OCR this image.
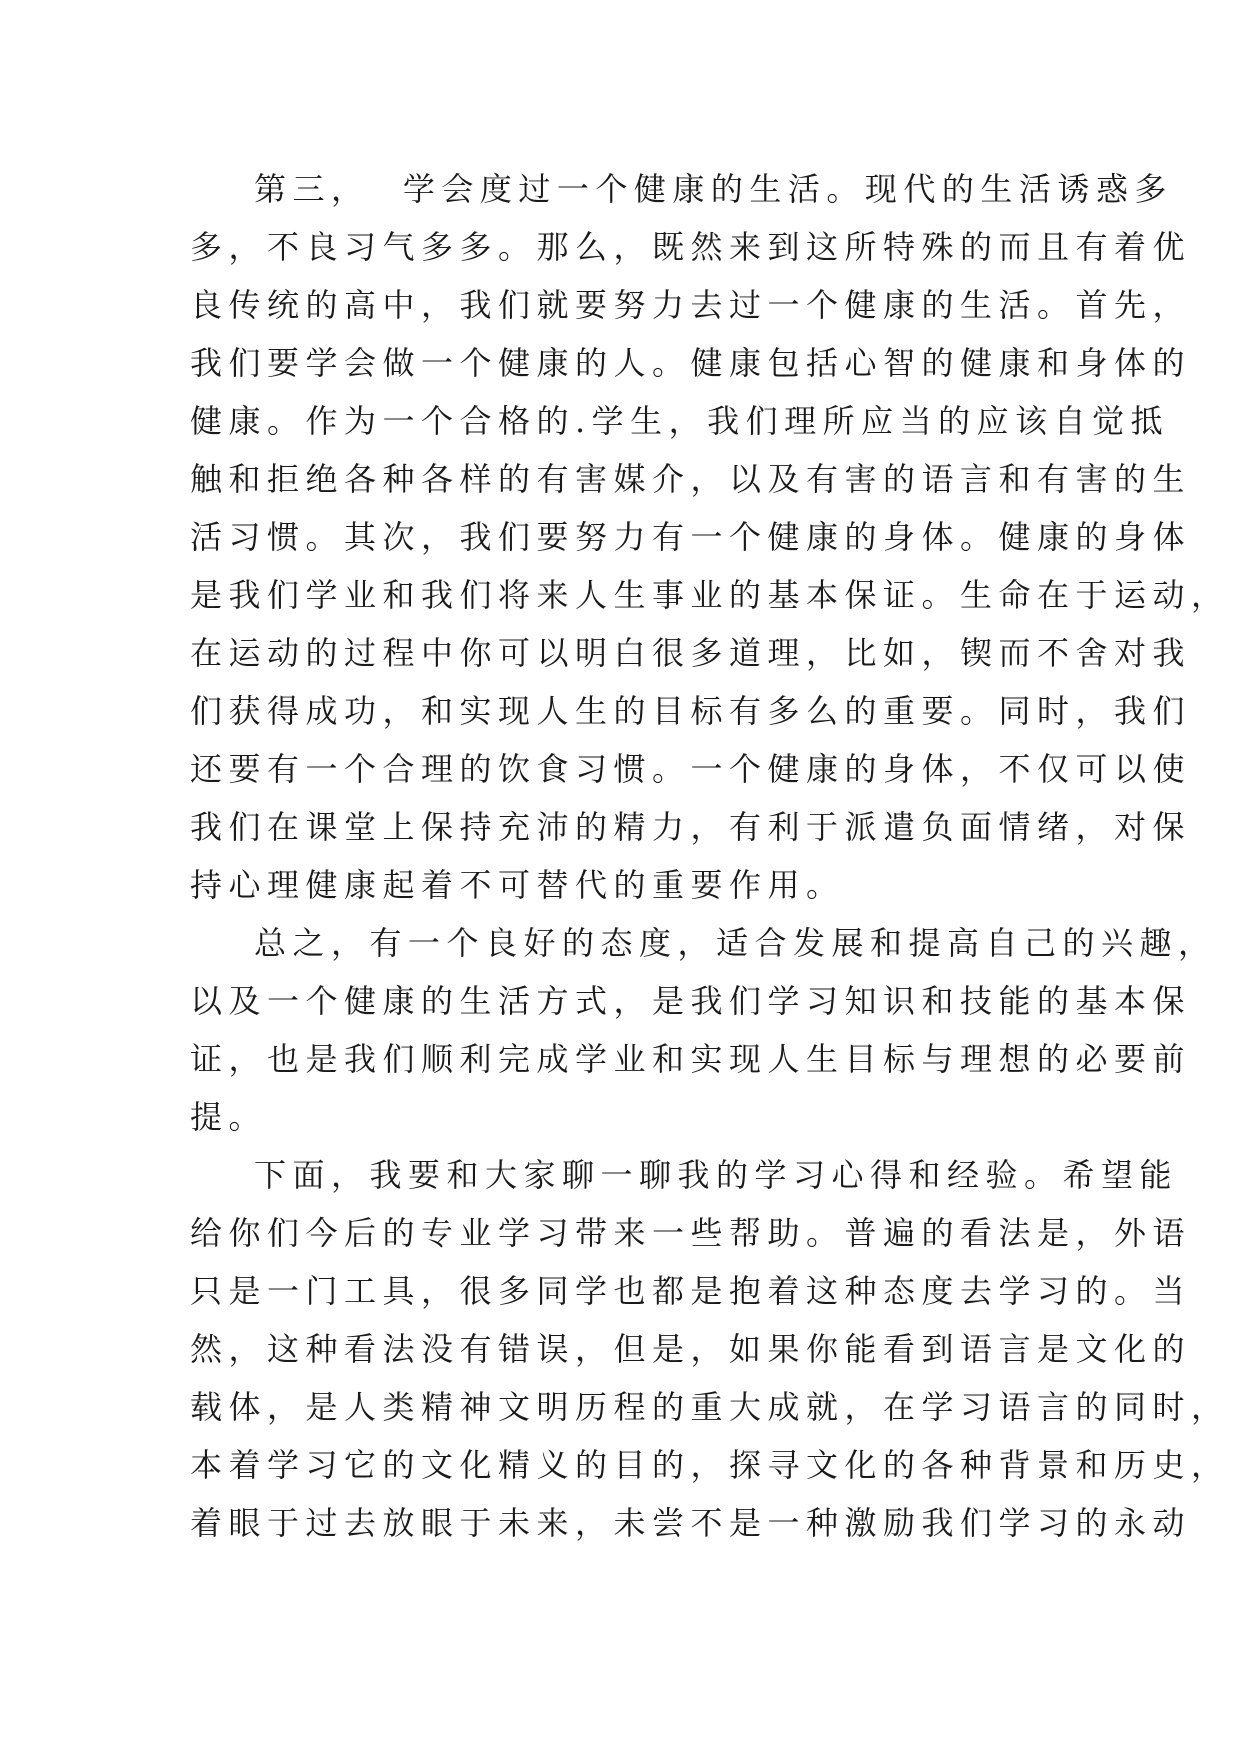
第三，  学会度过一个健康的生活。现代的生活诱惑多
多，不良习气多多。那么，既然来到这所特殊的而且有着优
良传统的高中，我们就要努力去过一个健康的生活。首先，
我们要学会做一个健康的人。健康包括心智的健康和身体的
健康。作为一个合格的.学生，我们理所应当的应该自觉抵
触和拒绝各种各样的有害媒介，以及有害的语言和有害的生
活习惯。其次，我们要努力有一个健康的身体。健康的身体
是我们学业和我们将来人生事业的基本保证。生命在于运动，
在运动的过程中你可以明白很多道理，比如，锲而不舍对我
们获得成功，和实现人生的目标有多么的重要。同时，我们
还要有一个合理的饮食习惯。一个健康的身体，不仅可以使
我们在课堂上保持充沛的精力，有利于派遣负面情绪，对保
持心理健康起着不可替代的重要作用。
总之，有一个良好的态度，适合发展和提高自己的兴趣，
以及一个健康的生活方式，是我们学习知识和技能的基本保
证，也是我们顺利完成学业和实现人生目标与理想的必要前
提。
下面，我要和大家聊一聊我的学习心得和经验。希望能
给你们今后的专业学习带来一些帮助。普遍的看法是，外语
只是一门工具，很多同学也都是抱着这种态度去学习的。当
然，这种看法没有错误，但是，如果你能看到语言是文化的
载体，是人类精神文明历程的重大成就，在学习语言的同时，
本着学习它的文化精义的目的，探寻文化的各种背景和历史，
着眼于过去放眼于未来，未尝不是一种激励我们学习的永动
